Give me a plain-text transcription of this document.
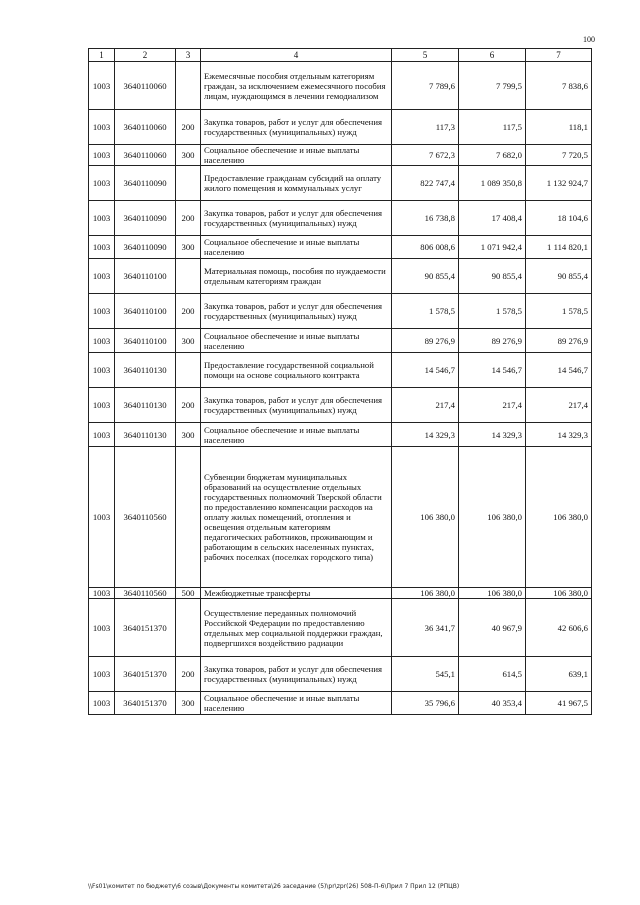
100
1	2	3	4	5	6	7
1003	3640110060		Ежемесячные пособия отдельным категориям граждан, за исключением ежемесячного пособия лицам, нуждающимся в лечении гемодиализом	7 789,6	7 799,5	7 838,6
1003	3640110060	200	Закупка товаров, работ и услуг для обеспечения государственных (муниципальных) нужд	117,3	117,5	118,1
1003	3640110060	300	Социальное обеспечение и иные выплаты населению	7 672,3	7 682,0	7 720,5
1003	3640110090		Предоставление гражданам субсидий на оплату жилого помещения и коммунальных услуг	822 747,4	1 089 350,8	1 132 924,7
1003	3640110090	200	Закупка товаров, работ и услуг для обеспечения государственных (муниципальных) нужд	16 738,8	17 408,4	18 104,6
1003	3640110090	300	Социальное обеспечение и иные выплаты населению	806 008,6	1 071 942,4	1 114 820,1
1003	3640110100		Материальная помощь, пособия по нуждаемости отдельным категориям граждан	90 855,4	90 855,4	90 855,4
1003	3640110100	200	Закупка товаров, работ и услуг для обеспечения государственных (муниципальных) нужд	1 578,5	1 578,5	1 578,5
1003	3640110100	300	Социальное обеспечение и иные выплаты населению	89 276,9	89 276,9	89 276,9
1003	3640110130		Предоставление государственной социальной помощи на основе социального контракта	14 546,7	14 546,7	14 546,7
1003	3640110130	200	Закупка товаров, работ и услуг для обеспечения государственных (муниципальных) нужд	217,4	217,4	217,4
1003	3640110130	300	Социальное обеспечение и иные выплаты населению	14 329,3	14 329,3	14 329,3
1003	3640110560		Субвенции бюджетам муниципальных образований на осуществление отдельных государственных полномочий Тверской области по предоставлению компенсации расходов на оплату жилых помещений, отопления и освещения отдельным категориям педагогических работников, проживающим и работающим в сельских населенных пунктах, рабочих поселках (поселках городского типа)	106 380,0	106 380,0	106 380,0
1003	3640110560	500	Межбюджетные трансферты	106 380,0	106 380,0	106 380,0
1003	3640151370		Осуществление переданных полномочий Российской Федерации по предоставлению отдельных мер социальной поддержки граждан, подвергшихся воздействию радиации	36 341,7	40 967,9	42 606,6
1003	3640151370	200	Закупка товаров, работ и услуг для обеспечения государственных (муниципальных) нужд	545,1	614,5	639,1
1003	3640151370	300	Социальное обеспечение и иные выплаты населению	35 796,6	40 353,4	41 967,5
\\Fs01\комитет по бюджету\6 созыв\Документы комитета\26 заседание (5)\pr\zpr(26) 508-П-6\Прил 7 Прил 12 (РПЦВ)
